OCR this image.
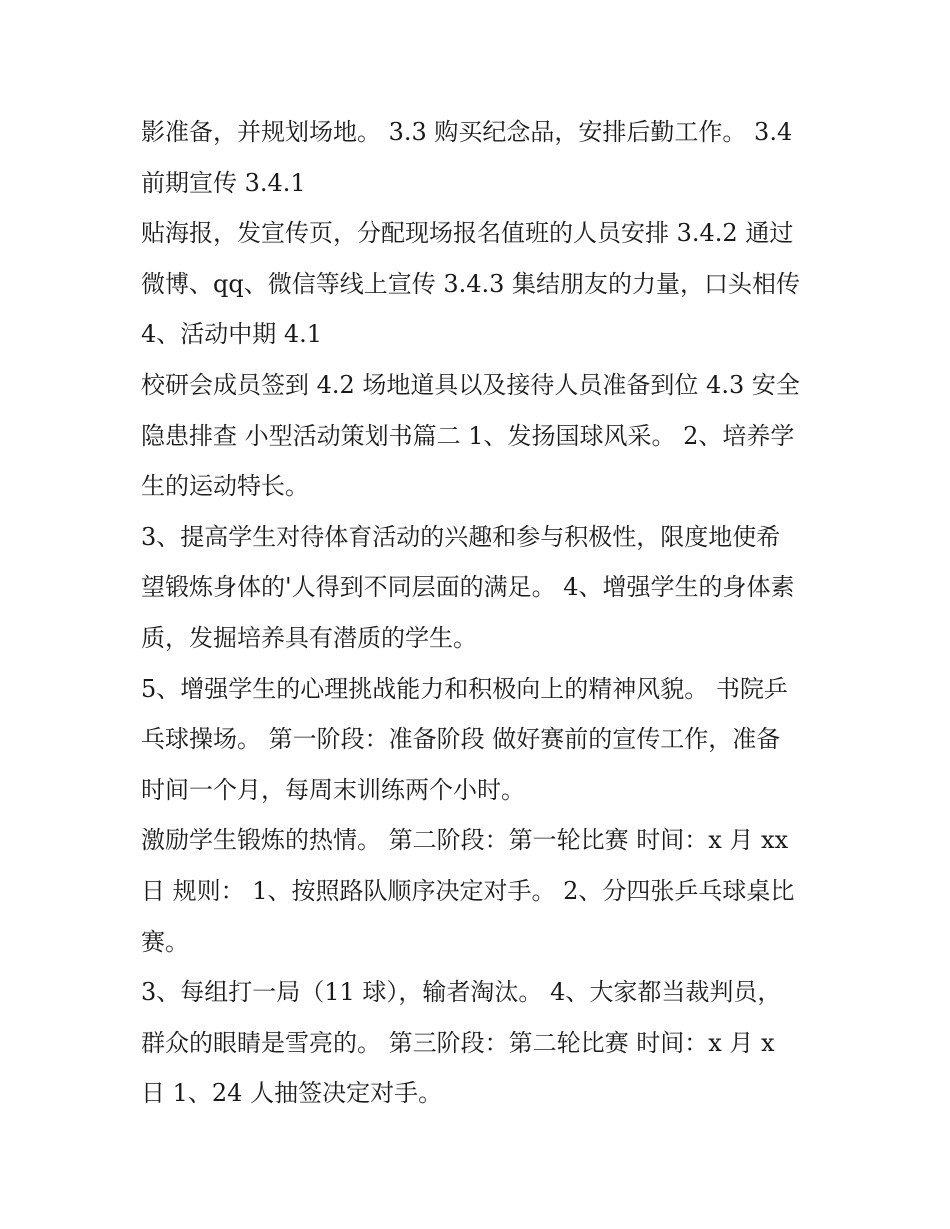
影准备，并规划场地。 3.3 购买纪念品，安排后勤工作。 3.4
前期宣传 3.4.1
贴海报，发宣传页，分配现场报名值班的人员安排 3.4.2 通过
微博、qq、微信等线上宣传 3.4.3 集结朋友的力量，口头相传
4、活动中期 4.1
校研会成员签到 4.2 场地道具以及接待人员准备到位 4.3 安全
隐患排查 小型活动策划书篇二 1、发扬国球风采。 2、培养学
生的运动特长。
3、提高学生对待体育活动的兴趣和参与积极性，限度地使希
望锻炼身体的'人得到不同层面的满足。 4、增强学生的身体素
质，发掘培养具有潜质的学生。
5、增强学生的心理挑战能力和积极向上的精神风貌。 书院乒
乓球操场。 第一阶段：准备阶段 做好赛前的宣传工作，准备
时间一个月，每周末训练两个小时。
激励学生锻炼的热情。 第二阶段：第一轮比赛 时间：x 月 xx
日 规则： 1、按照路队顺序决定对手。 2、分四张乒乓球桌比
赛。
3、每组打一局（11 球），输者淘汰。 4、大家都当裁判员，
群众的眼睛是雪亮的。 第三阶段：第二轮比赛 时间：x 月 x
日 1、24 人抽签决定对手。
